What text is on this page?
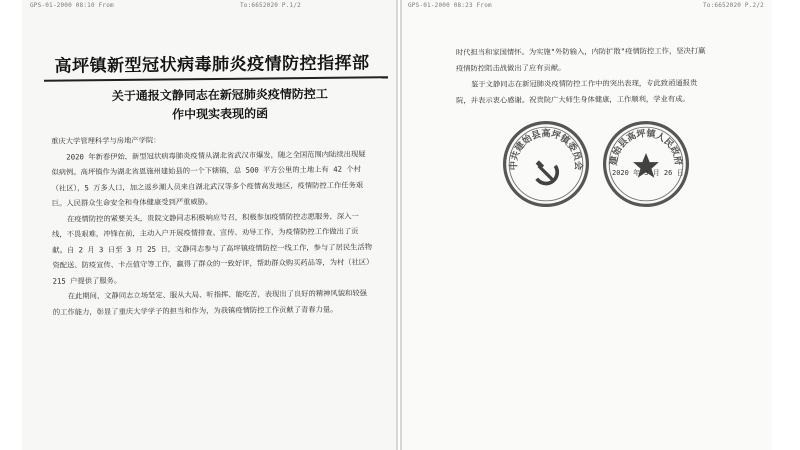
GPS-01-2000 08:10 From	To:6652020 P.1/2
高坪镇新型冠状病毒肺炎疫情防控指挥部
关于通报文静同志在新冠肺炎疫情防控工
作中现实表现的函

重庆大学管理科学与房地产学院：

2020 年新春伊始，新型冠状病毒肺炎疫情从湖北省武汉市爆发，随之全国范围内陆续出现疑似病例。高坪镇作为湖北省恩施州建始县的一个下辖镇，总 500 平方公里的土地上有 42 个村（社区），5 万多人口，加之返乡潮人员来自湖北武汉等多个疫情高发地区，疫情防控工作任务艰巨。人民群众生命安全和身体健康受到严重威胁。

在疫情防控的紧要关头，贵院文静同志积极响应号召，积极参加疫情防控志愿服务，深入一线，不畏艰难，冲锋在前，主动入户开展疫情排查、宣传、劝导工作，为疫情防控工作做出了贡献。自 2 月 3 日至 3 月 25 日，文静同志参与了高坪镇疫情防控一线工作，参与了居民生活物资配送、防疫宣传、卡点值守等工作，赢得了群众的一致好评，帮助群众购买药品等，为村（社区）215 户提供了服务。

在此期间，文静同志立场坚定、服从大局、听指挥、能吃苦，表现出了良好的精神风貌和较强的工作能力，彰显了重庆大学学子的担当和作为，为我镇疫情防控工作贡献了青春力量。

GPS-01-2000 08:23 From	To:6652020 P.2/2

时代担当和家国情怀。为实施"外防输入，内防扩散"疫情防控工作，坚决打赢疫情防控阻击战做出了应有贡献。

鉴于文静同志在新冠肺炎疫情防控工作中的突出表现，专此致函通报贵院，并表示衷心感谢。祝贵院广大师生身体健康，工作顺利，学业有成。

中共建始县高坪镇委员会 建始县高坪镇人民政府
2020 年 3 月 26 日
